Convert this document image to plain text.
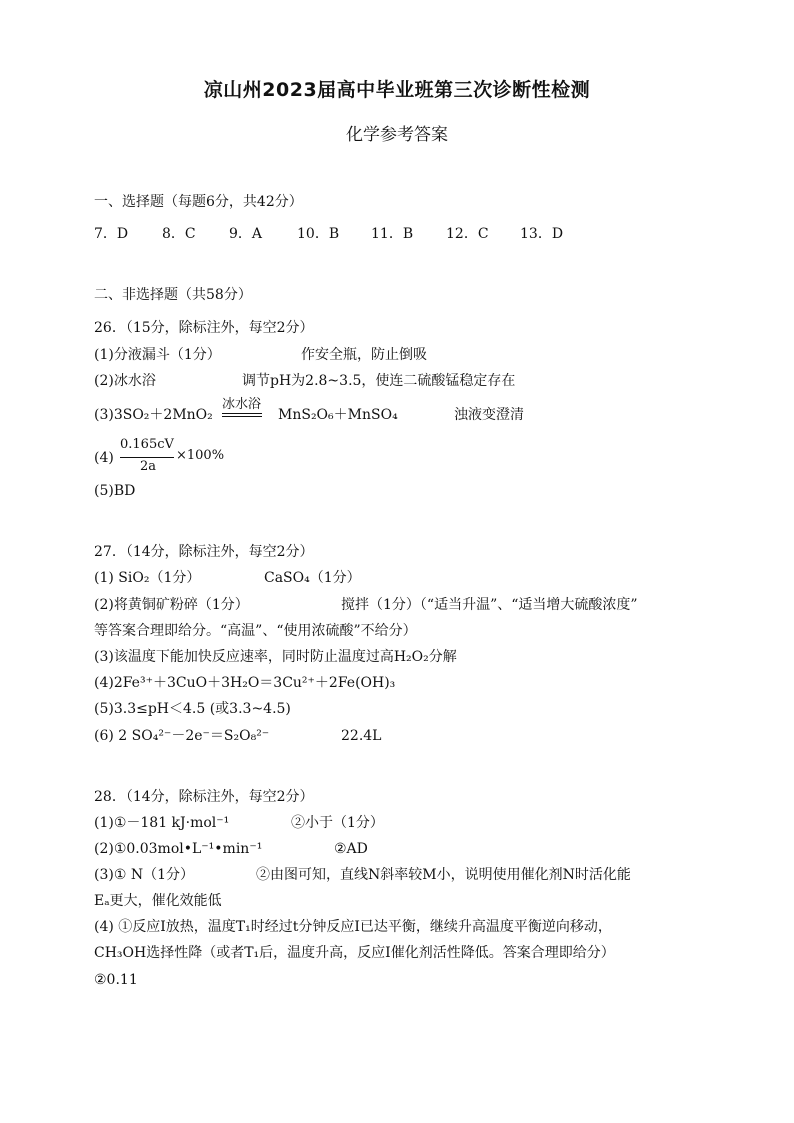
凉山州2023届高中毕业班第三次诊断性检测
化学参考答案
一、选择题（每题6分，共42分）
7．D 8．C 9．A 10．B 11．B 12．C 13．D
二、非选择题（共58分）
26．（15分，除标注外，每空2分）
(1)分液漏斗（1分）	作安全瓶，防止倒吸
(2)冰水浴	调节pH为2.8~3.5，使连二硫酸锰稳定存在
(3)3SO₂＋2MnO₂
冰水浴
MnS₂O₆＋MnSO₄	浊液变澄清
(4)
0.165cV
2a
×100%
(5)BD
27．（14分，除标注外，每空2分）
(1) SiO₂（1分）	CaSO₄（1分）
(2)将黄铜矿粉碎（1分）	搅拌（1分）（“适当升温”、“适当增大硫酸浓度”
等答案合理即给分。“高温”、“使用浓硫酸”不给分）
(3)该温度下能加快反应速率，同时防止温度过高H₂O₂分解
(4)2Fe³⁺＋3CuO＋3H₂O＝3Cu²⁺＋2Fe(OH)₃
(5)3.3≤pH＜4.5 (或3.3~4.5)
(6) 2 SO₄²⁻－2e⁻＝S₂O₈²⁻	22.4L
28．（14分，除标注外，每空2分）
(1)①－181 kJ·mol⁻¹	②小于（1分）
(2)①0.03mol•L⁻¹•min⁻¹	②AD
(3)① N（1分）	②由图可知，直线N斜率较M小，说明使用催化剂N时活化能
Eₐ更大，催化效能低
(4) ①反应I放热，温度T₁时经过t分钟反应I已达平衡，继续升高温度平衡逆向移动，
CH₃OH选择性降（或者T₁后，温度升高，反应I催化剂活性降低。答案合理即给分）
②0.11
